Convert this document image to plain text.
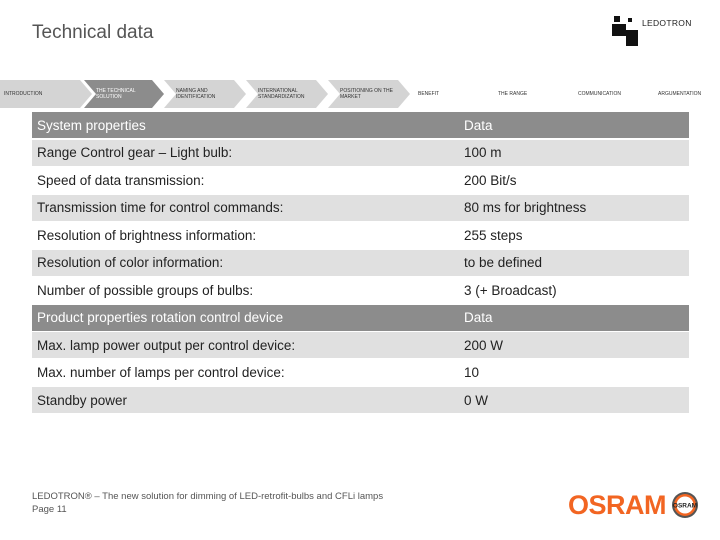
Technical data	LEDOTRON
INTRODUCTION	THE TECHNICAL SOLUTION
NAMING AND IDENTIFICATION
INTERNATIONAL STANDARDIZATION
POSITIONING ON THE MARKET	BENEFIT	THE RANGE	COMMUNICATION	ARGUMENTATION
System properties	Data
Range Control gear – Light bulb:	100 m
Speed of data transmission:	200 Bit/s
Transmission time for control commands:	80 ms for brightness
Resolution of brightness information:	255 steps
Resolution of color information:	to be defined
Number of possible groups of bulbs:	3 (+ Broadcast)
Product properties rotation control device	Data
Max. lamp power output per control device:	200 W
Max. number of lamps per control device:	10
Standby power	0 W
LEDOTRON® – The new solution for dimming of LED-retrofit-bulbs and CFLi lamps
Page 11	OSRAM OSRAM
